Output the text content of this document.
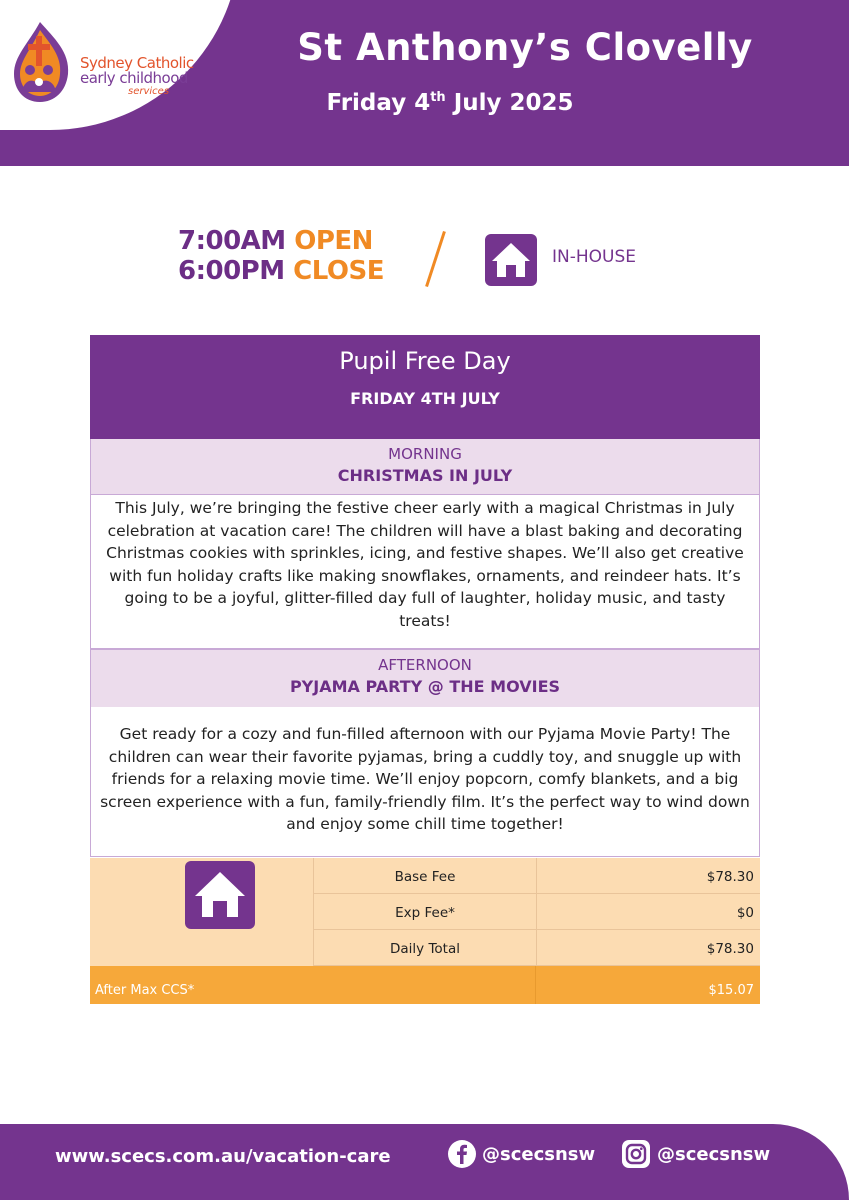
Sydney Catholic
early childhood
services
St Anthony’s Clovelly
Friday 4th July 2025
7:00AM OPEN
6:00PM CLOSE	IN-HOUSE
Pupil Free Day
FRIDAY 4TH JULY
MORNING
CHRISTMAS IN JULY
This July, we’re bringing the festive cheer early with a magical Christmas in July celebration at vacation care! The children will have a blast baking and decorating Christmas cookies with sprinkles, icing, and festive shapes. We’ll also get creative with fun holiday crafts like making snowflakes, ornaments, and reindeer hats. It’s going to be a joyful, glitter-filled day full of laughter, holiday music, and tasty treats!
AFTERNOON
PYJAMA PARTY @ THE MOVIES
Get ready for a cozy and fun-filled afternoon with our Pyjama Movie Party! The children can wear their favorite pyjamas, bring a cuddly toy, and snuggle up with friends for a relaxing movie time. We’ll enjoy popcorn, comfy blankets, and a big screen experience with a fun, family-friendly film. It’s the perfect way to wind down and enjoy some chill time together!
Base Fee	$78.30
Exp Fee*	$0
Daily Total	$78.30
After Max CCS*	$15.07
www.scecs.com.au/vacation-care	@scecsnsw	@scecsnsw
